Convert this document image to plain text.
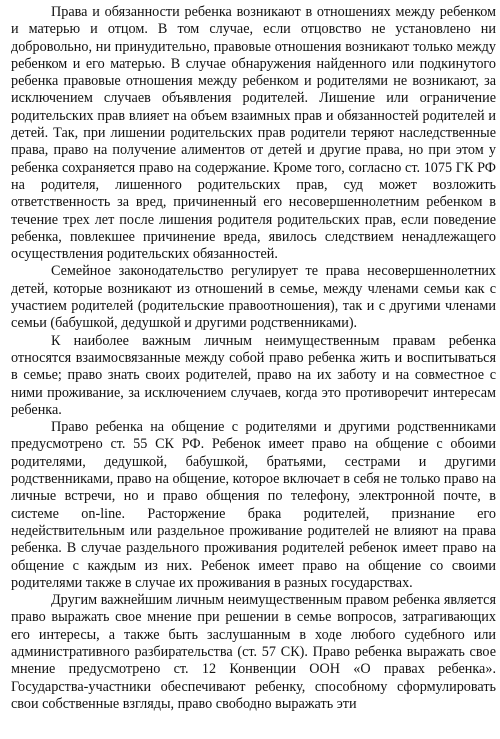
Права и обязанности ребенка возникают в отношениях между ребенком и матерью и отцом. В том случае, если отцовство не установлено ни добровольно, ни принудительно, правовые отношения возникают только между ребенком и его матерью. В случае обнаружения найденного или подкинутого ребенка правовые отношения между ребенком и родителями не возникают, за исключением случаев объявления родителей. Лишение или ограничение родительских прав влияет на объем взаимных прав и обязанностей родителей и детей. Так, при лишении родительских прав родители теряют наследственные права, право на получение алиментов от детей и другие права, но при этом у ребенка сохраняется право на содержание. Кроме того, согласно ст. 1075 ГК РФ на родителя, лишенного родительских прав, суд может возложить ответственность за вред, причиненный его несовершеннолетним ребенком в течение трех лет после лишения родителя родительских прав, если поведение ребенка, повлекшее причинение вреда, явилось следствием ненадлежащего осуществления родительских обязанностей.

Семейное законодательство регулирует те права несовершеннолетних детей, которые возникают из отношений в семье, между членами семьи как с участием родителей (родительские правоотношения), так и с другими членами семьи (бабушкой, дедушкой и другими родственниками).

К наиболее важным личным неимущественным правам ребенка относятся взаимосвязанные между собой право ребенка жить и воспитываться в семье; право знать своих родителей, право на их заботу и на совместное с ними проживание, за исключением случаев, когда это противоречит интересам ребенка.

Право ребенка на общение с родителями и другими родственниками предусмотрено ст. 55 СК РФ. Ребенок имеет право на общение с обоими родителями, дедушкой, бабушкой, братьями, сестрами и другими родственниками, право на общение, которое включает в себя не только право на личные встречи, но и право общения по телефону, электронной почте, в системе on-line. Расторжение брака родителей, признание его недействительным или раздельное проживание родителей не влияют на права ребенка. В случае раздельного проживания родителей ребенок имеет право на общение с каждым из них. Ребенок имеет право на общение со своими родителями также в случае их проживания в разных государствах.

Другим важнейшим личным неимущественным правом ребенка является право выражать свое мнение при решении в семье вопросов, затрагивающих его интересы, а также быть заслушанным в ходе любого судебного или административного разбирательства (ст. 57 СК). Право ребенка выражать свое мнение предусмотрено ст. 12 Конвенции ООН «О правах ребенка». Государства-участники обеспечивают ребенку, способному сформулировать свои собственные взгляды, право свободно выражать эти
